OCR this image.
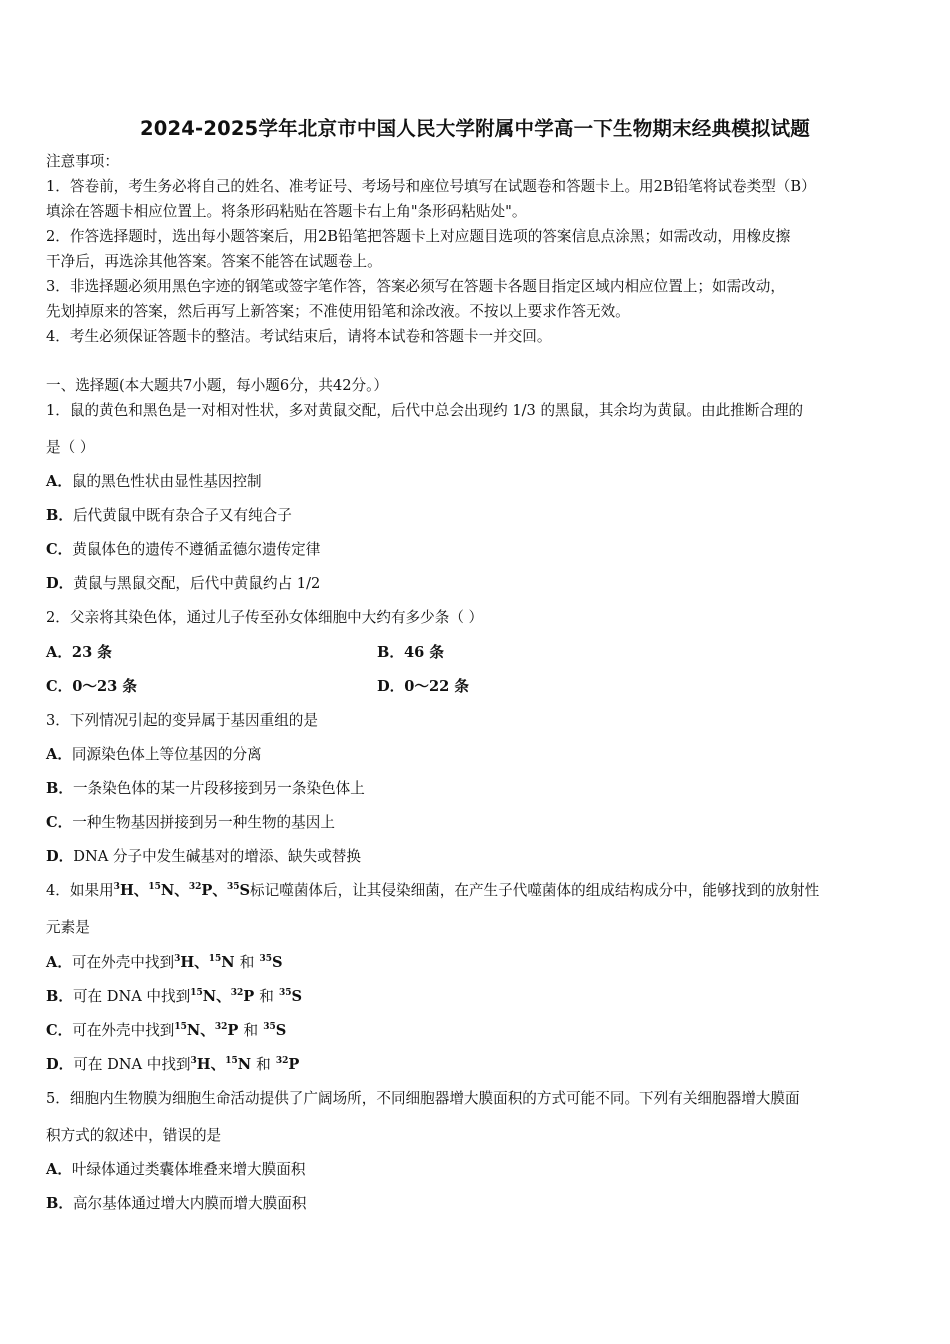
2024-2025学年北京市中国人民大学附属中学高一下生物期末经典模拟试题
注意事项：
1．答卷前，考生务必将自己的姓名、准考证号、考场号和座位号填写在试题卷和答题卡上。用2B铅笔将试卷类型（B）
填涂在答题卡相应位置上。将条形码粘贴在答题卡右上角"条形码粘贴处"。
2．作答选择题时，选出每小题答案后，用2B铅笔把答题卡上对应题目选项的答案信息点涂黑；如需改动，用橡皮擦
干净后，再选涂其他答案。答案不能答在试题卷上。
3．非选择题必须用黑色字迹的钢笔或签字笔作答，答案必须写在答题卡各题目指定区域内相应位置上；如需改动，
先划掉原来的答案，然后再写上新答案；不准使用铅笔和涂改液。不按以上要求作答无效。
4．考生必须保证答题卡的整洁。考试结束后，请将本试卷和答题卡一并交回。
一、选择题(本大题共7小题，每小题6分，共42分。）
1．鼠的黄色和黑色是一对相对性状，多对黄鼠交配，后代中总会出现约 1/3 的黑鼠，其余均为黄鼠。由此推断合理的
是（ ）
A．鼠的黑色性状由显性基因控制
B．后代黄鼠中既有杂合子又有纯合子
C．黄鼠体色的遗传不遵循孟德尔遗传定律
D．黄鼠与黑鼠交配，后代中黄鼠约占 1/2
2．父亲将其染色体，通过儿子传至孙女体细胞中大约有多少条（ ）
A．23 条	B．46 条
C．0～23 条	D．0～22 条
3．下列情况引起的变异属于基因重组的是
A．同源染色体上等位基因的分离
B．一条染色体的某一片段移接到另一条染色体上
C．一种生物基因拼接到另一种生物的基因上
D．DNA 分子中发生碱基对的增添、缺失或替换
4．如果用$^3$H、$^{15}$N、$^{32}$P、$^{35}$S标记噬菌体后，让其侵染细菌，在产生子代噬菌体的组成结构成分中，能够找到的放射性
元素是
A．可在外壳中找到$^3$H、$^{15}$N 和 $^{35}$S
B．可在 DNA 中找到$^{15}$N、$^{32}$P 和 $^{35}$S
C．可在外壳中找到$^{15}$N、$^{32}$P 和 $^{35}$S
D．可在 DNA 中找到$^3$H、$^{15}$N 和 $^{32}$P
5．细胞内生物膜为细胞生命活动提供了广阔场所，不同细胞器增大膜面积的方式可能不同。下列有关细胞器增大膜面
积方式的叙述中，错误的是
A．叶绿体通过类囊体堆叠来增大膜面积
B．高尔基体通过增大内膜而增大膜面积
